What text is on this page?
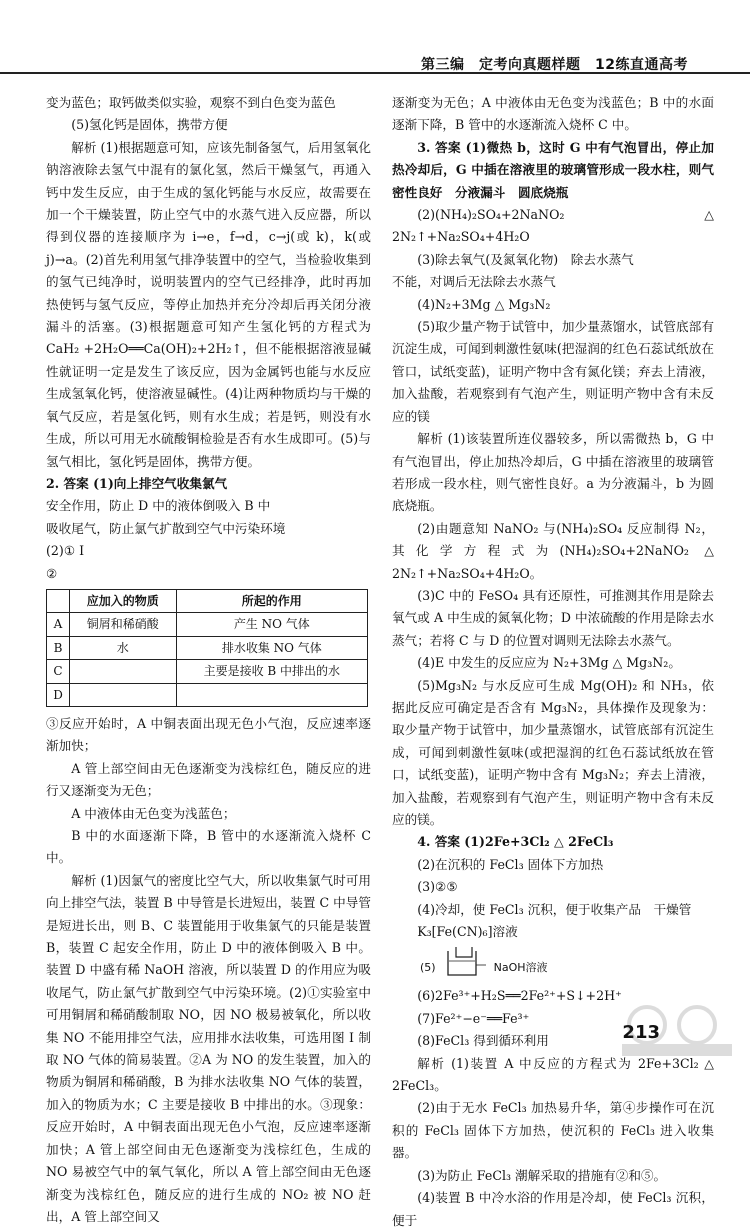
第三编　定考向真题样题　12练直通高考

变为蓝色；取钙做类似实验，观察不到白色变为蓝色

(5)氢化钙是固体，携带方便

解析 (1)根据题意可知，应该先制备氢气，后用氢氧化钠溶液除去氢气中混有的氯化氢，然后干燥氢气，再通入钙中发生反应，由于生成的氢化钙能与水反应，故需要在加一个干燥装置，防止空气中的水蒸气进入反应器，所以得到仪器的连接顺序为 i→e，f→d，c→j(或 k)，k(或 j)→a。(2)首先利用氢气排净装置中的空气，当检验收集到的氢气已纯净时，说明装置内的空气已经排净，此时再加热使钙与氢气反应，等停止加热并充分冷却后再关闭分液漏斗的活塞。(3)根据题意可知产生氢化钙的方程式为 CaH₂ +2H₂O══Ca(OH)₂+2H₂↑，但不能根据溶液显碱性就证明一定是发生了该反应，因为金属钙也能与水反应生成氢氧化钙，使溶液显碱性。(4)让两种物质均与干燥的氧气反应，若是氢化钙，则有水生成；若是钙，则没有水生成，所以可用无水硫酸铜检验是否有水生成即可。(5)与氢气相比，氢化钙是固体，携带方便。

2. 答案 (1)向上排空气收集氯气

安全作用，防止 D 中的液体倒吸入 B 中

吸收尾气，防止氯气扩散到空气中污染环境

(2)① Ⅰ

②

	应加入的物质	所起的作用
A	铜屑和稀硝酸	产生 NO 气体
B	水	排水收集 NO 气体
C		主要是接收 B 中排出的水
D		

③反应开始时，A 中铜表面出现无色小气泡，反应速率逐渐加快；

A 管上部空间由无色逐渐变为浅棕红色，随反应的进行又逐渐变为无色；

A 中液体由无色变为浅蓝色；

B 中的水面逐渐下降，B 管中的水逐渐流入烧杯 C 中。

解析 (1)因氯气的密度比空气大，所以收集氯气时可用向上排空气法，装置 B 中导管是长进短出，装置 C 中导管是短进长出，则 B、C 装置能用于收集氯气的只能是装置 B，装置 C 起安全作用，防止 D 中的液体倒吸入 B 中。装置 D 中盛有稀 NaOH 溶液，所以装置 D 的作用应为吸收尾气，防止氯气扩散到空气中污染环境。(2)①实验室中可用铜屑和稀硝酸制取 NO，因 NO 极易被氧化，所以收集 NO 不能用排空气法，应用排水法收集，可选用图 Ⅰ 制取 NO 气体的简易装置。②A 为 NO 的发生装置，加入的物质为铜屑和稀硝酸，B 为排水法收集 NO 气体的装置，加入的物质为水；C 主要是接收 B 中排出的水。③现象：反应开始时，A 中铜表面出现无色小气泡，反应速率逐渐加快；A 管上部空间由无色逐渐变为浅棕红色，生成的 NO 易被空气中的氧气氧化，所以 A 管上部空间由无色逐渐变为浅棕红色，随反应的进行生成的 NO₂ 被 NO 赶出，A 管上部空间又

逐渐变为无色；A 中液体由无色变为浅蓝色；B 中的水面逐渐下降，B 管中的水逐渐流入烧杯 C 中。

3. 答案 (1)微热 b，这时 G 中有气泡冒出，停止加热冷却后，G 中插在溶液里的玻璃管形成一段水柱，则气密性良好　分液漏斗　圆底烧瓶

(2)(NH₄)₂SO₄+2NaNO₂ △ 2N₂↑+Na₂SO₄+4H₂O

(3)除去氧气(及氮氧化物)　除去水蒸气

不能，对调后无法除去水蒸气

(4)N₂+3Mg △ Mg₃N₂

(5)取少量产物于试管中，加少量蒸馏水，试管底部有沉淀生成，可闻到刺激性氨味(把湿润的红色石蕊试纸放在管口，试纸变蓝)，证明产物中含有氮化镁；弃去上清液，加入盐酸，若观察到有气泡产生，则证明产物中含有未反应的镁

解析 (1)该装置所连仪器较多，所以需微热 b，G 中有气泡冒出，停止加热冷却后，G 中插在溶液里的玻璃管若形成一段水柱，则气密性良好。a 为分液漏斗，b 为圆底烧瓶。

(2)由题意知 NaNO₂ 与(NH₄)₂SO₄ 反应制得 N₂，其化学方程式为(NH₄)₂SO₄+2NaNO₂ △ 2N₂↑+Na₂SO₄+4H₂O。

(3)C 中的 FeSO₄ 具有还原性，可推测其作用是除去氧气或 A 中生成的氮氧化物；D 中浓硫酸的作用是除去水蒸气；若将 C 与 D 的位置对调则无法除去水蒸气。

(4)E 中发生的反应应为 N₂+3Mg △ Mg₃N₂。

(5)Mg₃N₂ 与水反应可生成 Mg(OH)₂ 和 NH₃，依据此反应可确定是否含有 Mg₃N₂，具体操作及现象为：取少量产物于试管中，加少量蒸馏水，试管底部有沉淀生成，可闻到刺激性氨味(或把湿润的红色石蕊试纸放在管口，试纸变蓝)，证明产物中含有 Mg₃N₂；弃去上清液，加入盐酸，若观察到有气泡产生，则证明产物中含有未反应的镁。

4. 答案 (1)2Fe+3Cl₂ △ 2FeCl₃

(2)在沉积的 FeCl₃ 固体下方加热

(3)②⑤

(4)冷却，使 FeCl₃ 沉积，便于收集产品　干燥管

K₃[Fe(CN)₆]溶液

(5)	NaOH溶液

(6)2Fe³⁺+H₂S══2Fe²⁺+S↓+2H⁺

(7)Fe²⁺−e⁻══Fe³⁺

(8)FeCl₃ 得到循环利用

解析 (1)装置 A 中反应的方程式为 2Fe+3Cl₂ △ 2FeCl₃。

(2)由于无水 FeCl₃ 加热易升华，第④步操作可在沉积的 FeCl₃ 固体下方加热，使沉积的 FeCl₃ 进入收集器。

(3)为防止 FeCl₃ 潮解采取的措施有②和⑤。

(4)装置 B 中冷水浴的作用是冷却，使 FeCl₃ 沉积，便于

213
